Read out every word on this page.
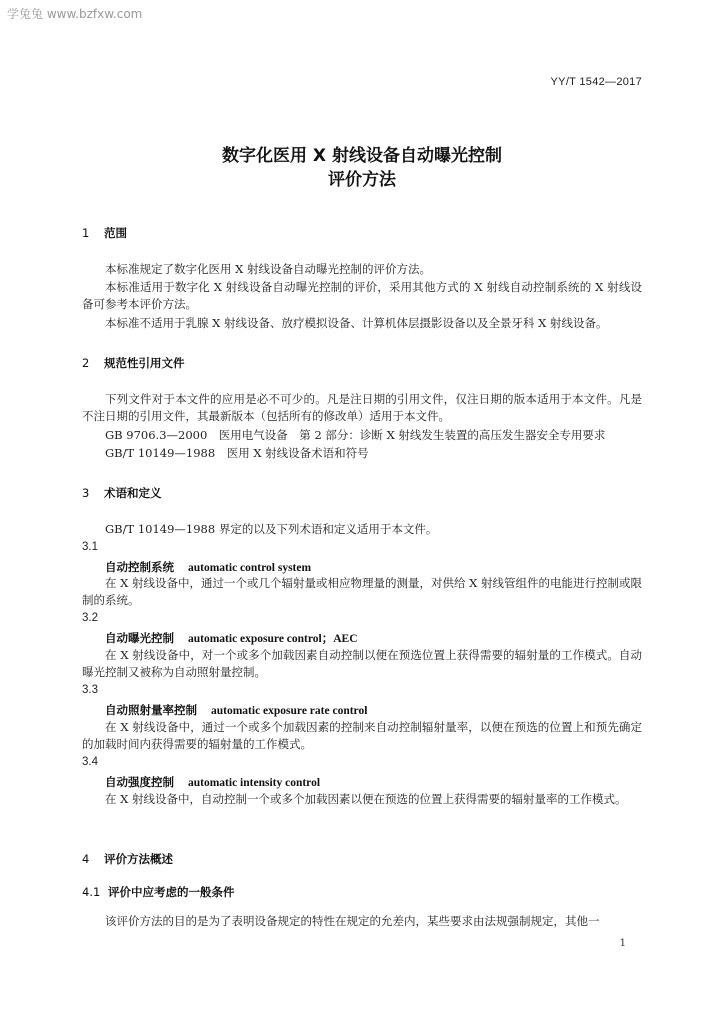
学兔兔 www.bzfxw.com
YY/T 1542—2017
数字化医用 X 射线设备自动曝光控制
评价方法
1 范围
本标准规定了数字化医用 X 射线设备自动曝光控制的评价方法。
本标准适用于数字化 X 射线设备自动曝光控制的评价，采用其他方式的 X 射线自动控制系统的 X 射线设备可参考本评价方法。
本标准不适用于乳腺 X 射线设备、放疗模拟设备、计算机体层摄影设备以及全景牙科 X 射线设备。
2 规范性引用文件
下列文件对于本文件的应用是必不可少的。凡是注日期的引用文件，仅注日期的版本适用于本文件。凡是不注日期的引用文件，其最新版本（包括所有的修改单）适用于本文件。
GB 9706.3—2000　医用电气设备　第 2 部分：诊断 X 射线发生装置的高压发生器安全专用要求
GB/T 10149—1988　医用 X 射线设备术语和符号
3 术语和定义
GB/T 10149—1988 界定的以及下列术语和定义适用于本文件。
3.1
自动控制系统 automatic control system
在 X 射线设备中，通过一个或几个辐射量或相应物理量的测量，对供给 X 射线管组件的电能进行控制或限制的系统。
3.2
自动曝光控制 automatic exposure control；AEC
在 X 射线设备中，对一个或多个加载因素自动控制以便在预选位置上获得需要的辐射量的工作模式。自动曝光控制又被称为自动照射量控制。
3.3
自动照射量率控制 automatic exposure rate control
在 X 射线设备中，通过一个或多个加载因素的控制来自动控制辐射量率，以便在预选的位置上和预先确定的加载时间内获得需要的辐射量的工作模式。
3.4
自动强度控制 automatic intensity control
在 X 射线设备中，自动控制一个或多个加载因素以便在预选的位置上获得需要的辐射量率的工作模式。
4 评价方法概述
4.1 评价中应考虑的一般条件
该评价方法的目的是为了表明设备规定的特性在规定的允差内，某些要求由法规强制规定，其他一
1
